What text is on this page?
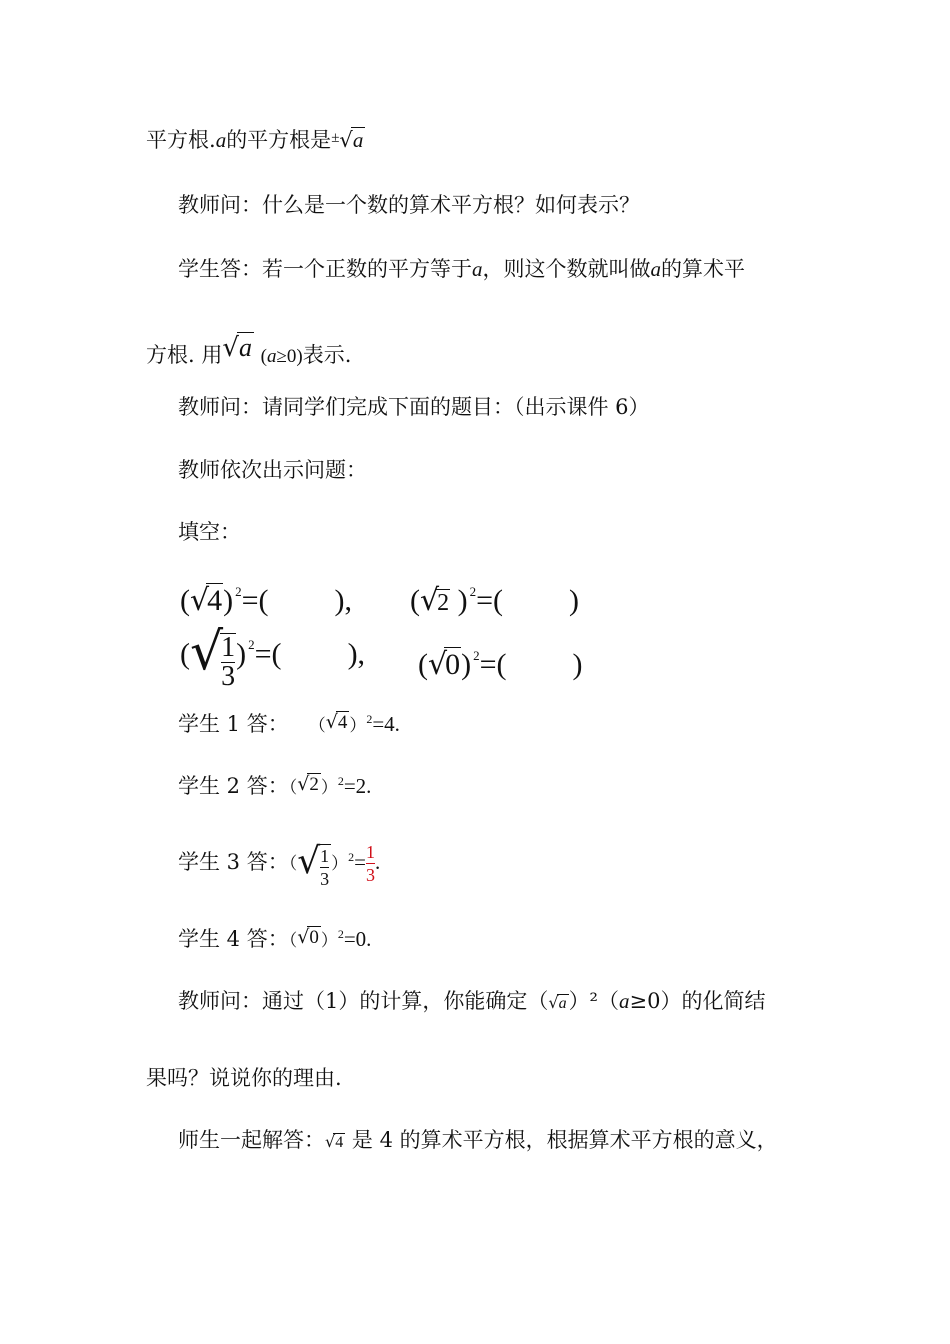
平方根.a的平方根是±√a
教师问：什么是一个数的算术平方根？如何表示？
学生答：若一个正数的平方等于a，则这个数就叫做a的算术平
方根. 用√a (a≥0)表示.
教师问：请同学们完成下面的题目：（出示课件 6）
教师依次出示问题：
填空：
(√4) $^2$=( ), (√2 ) $^2$=( )
(√
$\frac{1}{3}$ ) $^2$=( ), (√0) $^2$=( )
学生 1 答： （√4 ）$^2$=4.
学生 2 答：（√2 ）$^2$=2.
学生 3 答：（√
$\frac{1}{3} )^2= \frac{1}{3}$ .
学生 4 答：（√0 ）$^2$=0.
教师问：通过（1）的计算，你能确定（√a）²（a≥0）的化简结
果吗？说说你的理由.
师生一起解答：√4 是 4 的算术平方根，根据算术平方根的意义，
